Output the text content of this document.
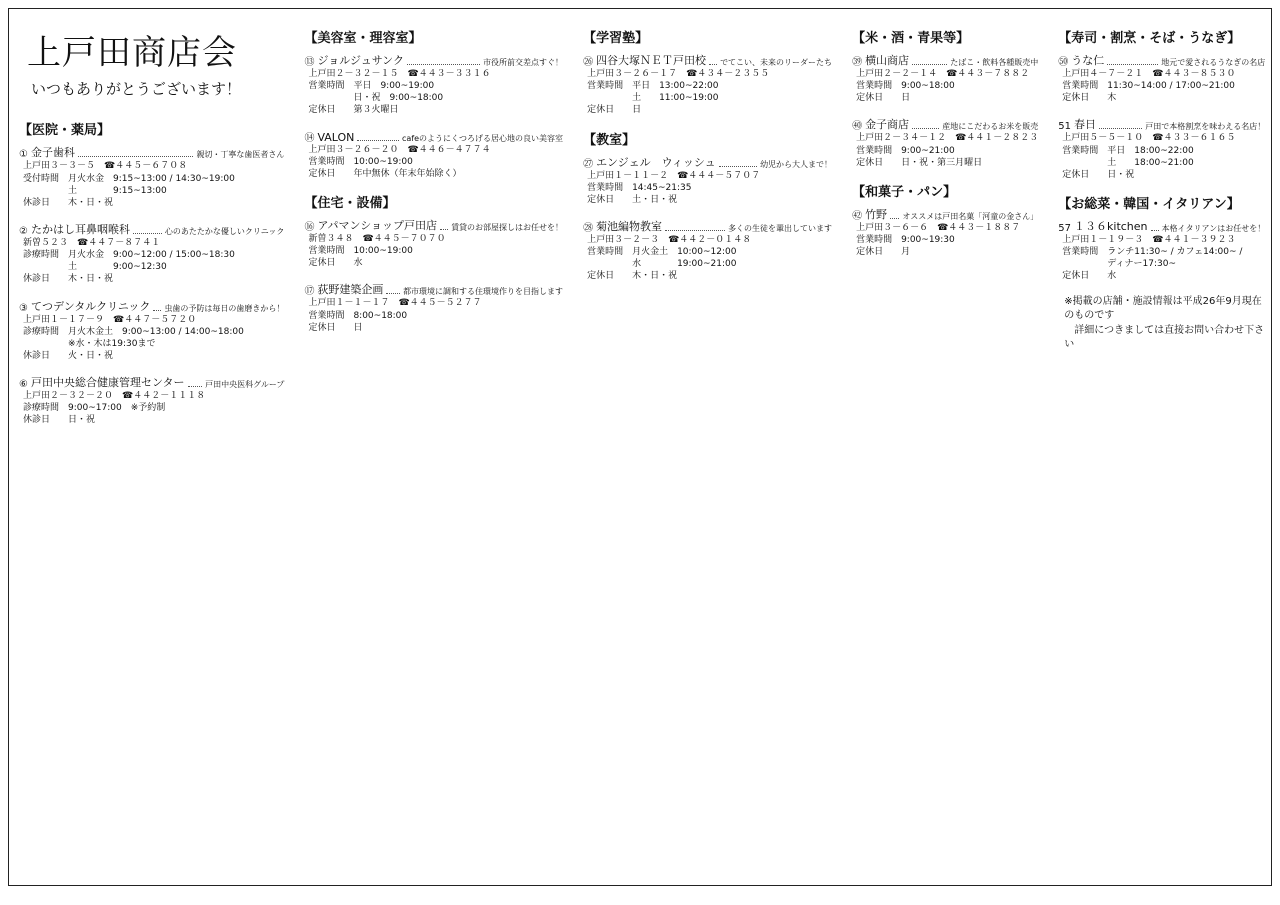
上戸田商店会
いつもありがとうございます！
【医院・薬局】
① 金子歯科	親切・丁寧な歯医者さん
上戸田３－３－５　☎４４５－６７０８
受付時間　月火水金　9:15~13:00 / 14:30~19:00
　　　　　土　　　　9:15~13:00
休診日　　木・日・祝
② たかはし耳鼻咽喉科	心のあたたかな優しいクリニック
新曽５２３　☎４４７－８７４１
診療時間　月火水金　9:00~12:00 / 15:00~18:30
　　　　　土　　　　9:00~12:30
休診日　　木・日・祝
③ てつデンタルクリニック 虫歯の予防は毎日の歯磨きから！
上戸田１－１７－９　☎４４７－５７２０
診療時間　月火木金土　9:00~13:00 / 14:00~18:00
　　　　　※水・木は19:30まで
休診日　　火・日・祝
⑥ 戸田中央総合健康管理センター	戸田中央医科グループ
上戸田２－３２－２０　☎４４２－１１１８
診療時間　9:00~17:00　※予約制
休診日　　日・祝
【美容室・理容室】
⑬ ジョルジュサンク	市役所前交差点すぐ！
上戸田２－３２－１５　☎４４３－３３１６
営業時間　平日　9:00~19:00
　　　　　日・祝　9:00~18:00
定休日　　第３火曜日
⑭ VALON	cafeのようにくつろげる居心地の良い美容室
上戸田３－２６－２０　☎４４６－４７７４
営業時間　10:00~19:00
定休日　　年中無休（年末年始除く）
【住宅・設備】
⑯ アパマンショップ戸田店 賃貸のお部屋探しはお任せを！
新曽３４８　☎４４５－７０７０
営業時間　10:00~19:00
定休日　　水
⑰ 荻野建築企画 都市環境に調和する住環境作りを目指します
上戸田１－１－１７　☎４４５－５２７７
営業時間　8:00~18:00
定休日　　日
【学習塾】
㉖ 四谷大塚ＮＥＴ戸田校 でてこい、未来のリーダーたち
上戸田３－２６－１７　☎４３４－２３５５
営業時間　平日　13:00~22:00
　　　　　土　　11:00~19:00
定休日　　日
【教室】
㉗ エンジェル　ウィッシュ	幼児から大人まで！
上戸田１－１１－２　☎４４４－５７０７
営業時間　14:45~21:35
定休日　　土・日・祝
㉘ 菊池編物教室	多くの生徒を輩出しています
上戸田３－２－３　☎４４２－０１４８
営業時間　月火金土　10:00~12:00
　　　　　水　　　　19:00~21:00
定休日　　木・日・祝
【米・酒・青果等】
㊴ 横山商店	たばこ・飲料各種販売中
上戸田２－２－１４　☎４４３－７８８２
営業時間　9:00~18:00
定休日　　日
㊵ 金子商店	産地にこだわるお米を販売
上戸田２－３４－１２　☎４４１－２８２３
営業時間　9:00~21:00
定休日　　日・祝・第三月曜日
【和菓子・パン】
㊷ 竹野 オススメは戸田名菓「河童の金さん」
上戸田３－６－６　☎４４３－１８８７
営業時間　9:00~19:30
定休日　　月
【寿司・割烹・そば・うなぎ】
㊿ うな仁	地元で愛されるうなぎの名店
上戸田４－７－２１　☎４４３－８５３０
営業時間　11:30~14:00 / 17:00~21:00
定休日　　木
51 春日	戸田で本格割烹を味わえる名店！
上戸田５－５－１０　☎４３３－６１６５
営業時間　平日　18:00~22:00
　　　　　土　　18:00~21:00
定休日　　日・祝
【お総菜・韓国・イタリアン】
57 １３６kitchen 本格イタリアンはお任せを！
上戸田１－１９－３　☎４４１－３９２３
営業時間　ランチ11:30~ / カフェ14:00~ /
　　　　　ディナー17:30~
定休日　　水
※掲載の店舗・施設情報は平成26年9月現在のものです
　詳細につきましては直接お問い合わせ下さい
